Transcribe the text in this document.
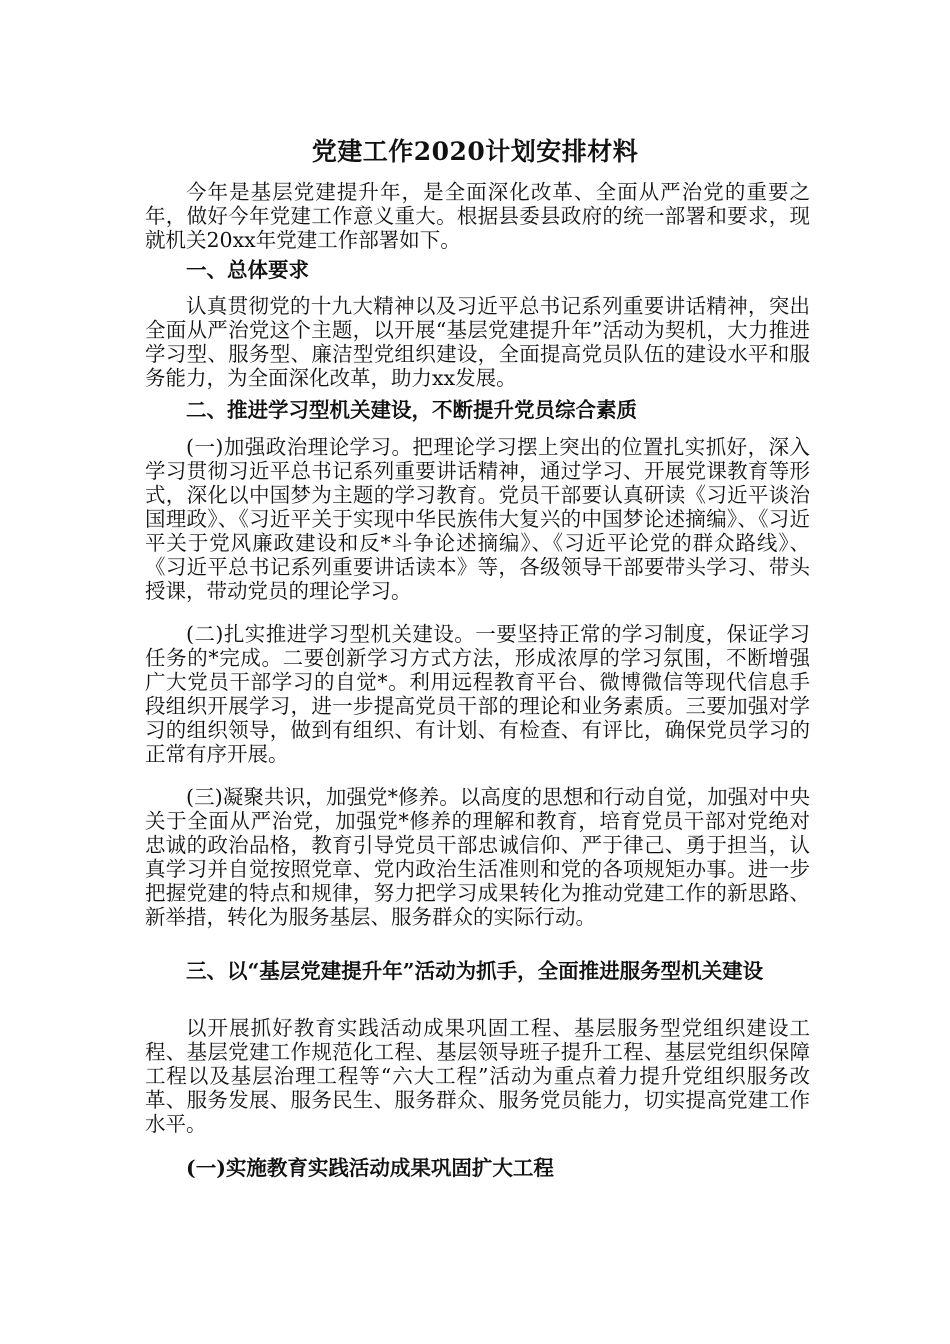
党建工作2020计划安排材料

今年是基层党建提升年，是全面深化改革、全面从严治党的重要之年，做好今年党建工作意义重大。根据县委县政府的统一部署和要求，现就机关20xx年党建工作部署如下。

一、总体要求

认真贯彻党的十九大精神以及习近平总书记系列重要讲话精神，突出全面从严治党这个主题，以开展“基层党建提升年”活动为契机，大力推进学习型、服务型、廉洁型党组织建设，全面提高党员队伍的建设水平和服务能力，为全面深化改革，助力xx发展。

二、推进学习型机关建设，不断提升党员综合素质

(一)加强政治理论学习。把理论学习摆上突出的位置扎实抓好，深入学习贯彻习近平总书记系列重要讲话精神，通过学习、开展党课教育等形式，深化以中国梦为主题的学习教育。党员干部要认真研读《习近平谈治国理政》、《习近平关于实现中华民族伟大复兴的中国梦论述摘编》、《习近平关于党风廉政建设和反*斗争论述摘编》、《习近平论党的群众路线》、《习近平总书记系列重要讲话读本》等，各级领导干部要带头学习、带头授课，带动党员的理论学习。

(二)扎实推进学习型机关建设。一要坚持正常的学习制度，保证学习任务的*完成。二要创新学习方式方法，形成浓厚的学习氛围，不断增强广大党员干部学习的自觉*。利用远程教育平台、微博微信等现代信息手段组织开展学习，进一步提高党员干部的理论和业务素质。三要加强对学习的组织领导，做到有组织、有计划、有检查、有评比，确保党员学习的正常有序开展。

(三)凝聚共识，加强党*修养。以高度的思想和行动自觉，加强对中央关于全面从严治党，加强党*修养的理解和教育，培育党员干部对党绝对忠诚的政治品格，教育引导党员干部忠诚信仰、严于律己、勇于担当，认真学习并自觉按照党章、党内政治生活准则和党的各项规矩办事。进一步把握党建的特点和规律，努力把学习成果转化为推动党建工作的新思路、新举措，转化为服务基层、服务群众的实际行动。

三、以“基层党建提升年”活动为抓手，全面推进服务型机关建设

以开展抓好教育实践活动成果巩固工程、基层服务型党组织建设工程、基层党建工作规范化工程、基层领导班子提升工程、基层党组织保障工程以及基层治理工程等“六大工程”活动为重点着力提升党组织服务改革、服务发展、服务民生、服务群众、服务党员能力，切实提高党建工作水平。

(一)实施教育实践活动成果巩固扩大工程
